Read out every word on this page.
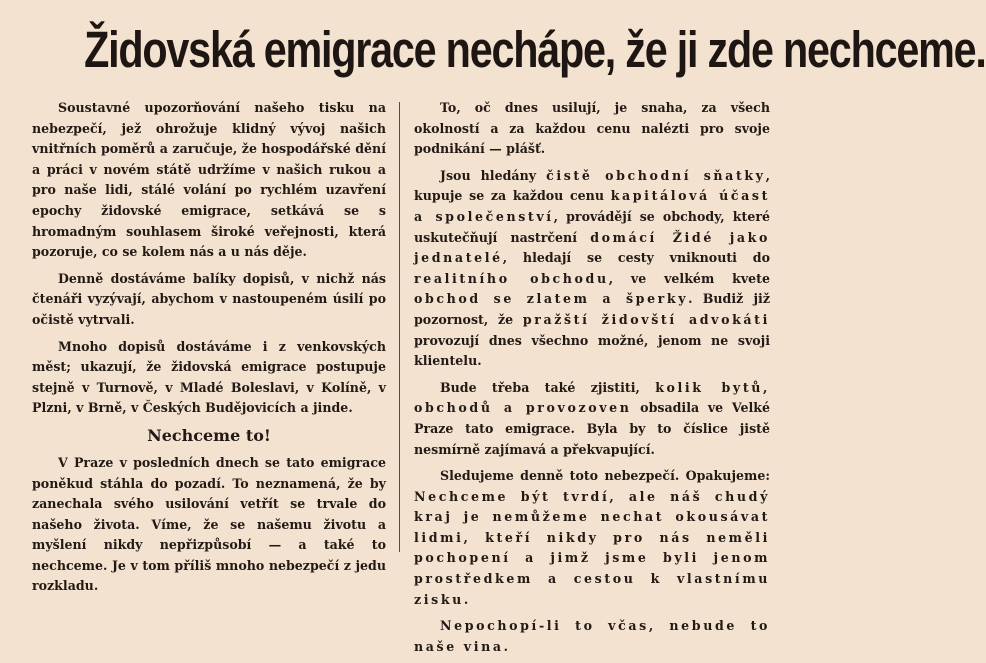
Židovská emigrace nechápe, že ji zde nechceme.

Soustavné upozorňování našeho tisku na nebezpečí, jež ohrožuje klidný vývoj našich vnitřních poměrů a zaručuje, že hospodářské dění a práci v novém státě udržíme v našich rukou a pro naše lidi, stálé volání po rychlém uzavření epochy židovské emigrace, setkává se s hromadným souhlasem široké veřejnosti, která pozoruje, co se kolem nás a u nás děje.

Denně dostáváme balíky dopisů, v nichž nás čtenáři vyzývají, abychom v nastoupeném úsilí po očistě vytrvali.

Mnoho dopisů dostáváme i z venkovských měst; ukazují, že židovská emigrace postupuje stejně v Turnově, v Mladé Boleslavi, v Kolíně, v Plzni, v Brně, v Českých Budějovicích a jinde.

Nechceme to!

V Praze v posledních dnech se tato emigrace poněkud stáhla do pozadí. To neznamená, že by zanechala svého usilování vetřít se trvale do našeho života. Víme, že se našemu životu a myšlení nikdy nepřizpůsobí — a také to nechceme. Je v tom příliš mnoho nebezpečí z jedu rozkladu.

To, oč dnes usilují, je snaha, za všech okolností a za každou cenu nalézti pro svoje podnikání — plášť.

Jsou hledány čistě obchodní sňatky, kupuje se za každou cenu kapitálová účast a společenství, provádějí se obchody, které uskutečňují nastrčení domácí Židé jako jednatelé, hledají se cesty vniknouti do realitního obchodu, ve velkém kvete obchod se zlatem a šperky. Budiž již pozornost, že pražští židovští advokáti provozují dnes všechno možné, jenom ne svoji klientelu.

Bude třeba také zjistiti, kolik bytů, obchodů a provozoven obsadila ve Velké Praze tato emigrace. Byla by to číslice jistě nesmírně zajímavá a překvapující.

Sledujeme denně toto nebezpečí. Opakujeme: Nechceme být tvrdí, ale náš chudý kraj je nemůžeme nechat okousávat lidmi, kteří nikdy pro nás neměli pochopení a jimž jsme byli jenom prostředkem a cestou k vlastnímu zisku.

Nepochopí-li to včas, nebude to naše vina.
